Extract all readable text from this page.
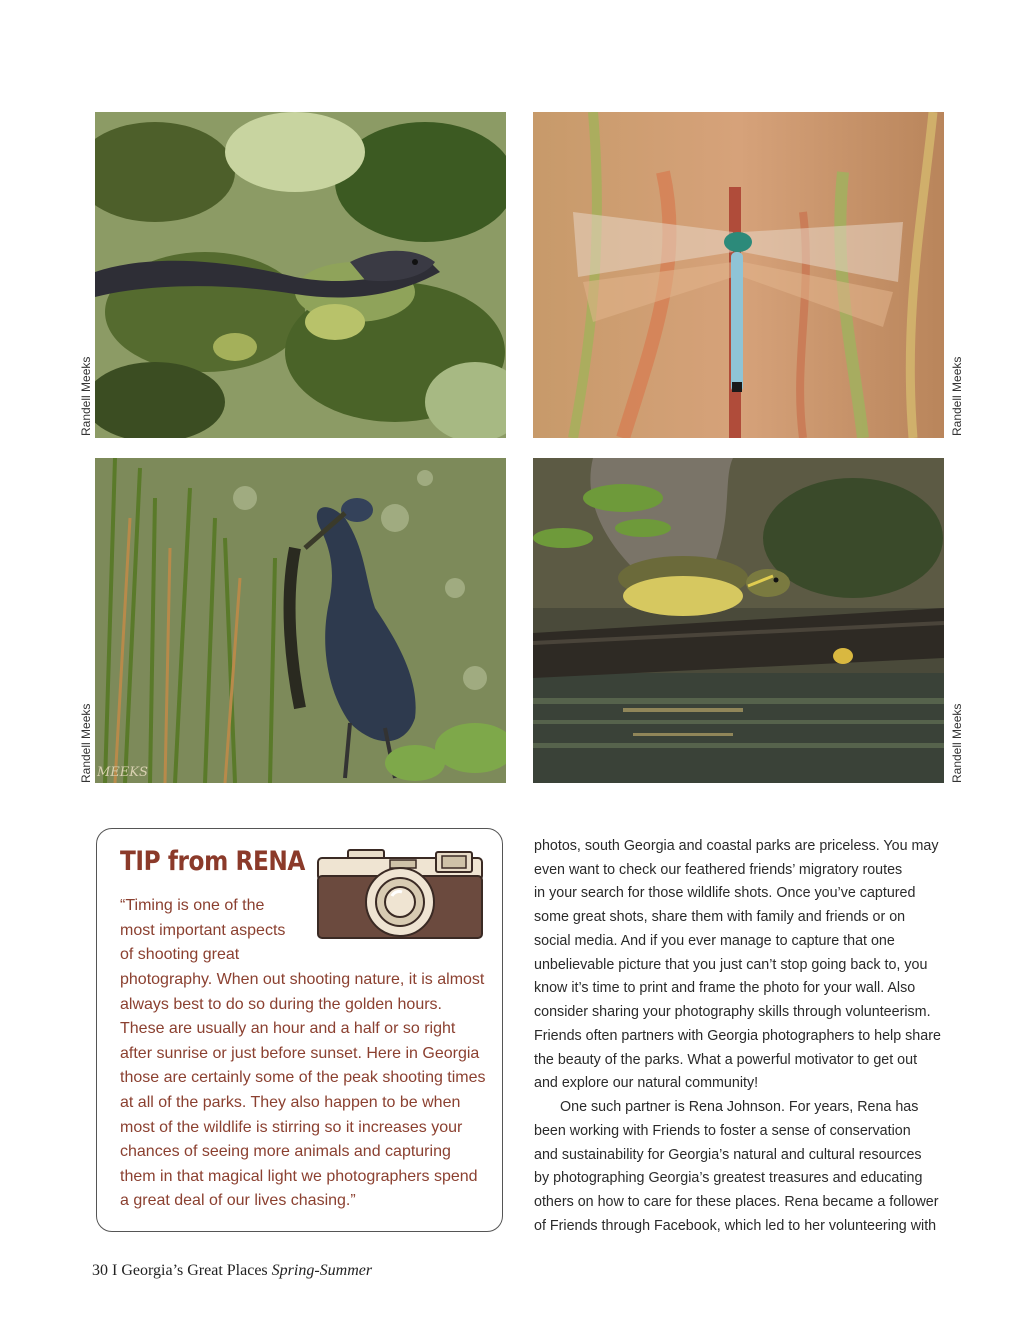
Randell Meeks	Randell Meeks
MEEKS
Randell Meeks	Randell Meeks
TIP from RENA
“Timing is one of the
most important aspects
of shooting great
photography. When out shooting nature, it is almost
always best to do so during the golden hours.
These are usually an hour and a half or so right
after sunrise or just before sunset. Here in Georgia
those are certainly some of the peak shooting times
at all of the parks. They also happen to be when
most of the wildlife is stirring so it increases your
chances of seeing more animals and capturing
them in that magical light we photographers spend
a great deal of our lives chasing.”
photos, south Georgia and coastal parks are priceless. You may
even want to check our feathered friends’ migratory routes
in your search for those wildlife shots. Once you’ve captured
some great shots, share them with family and friends or on
social media. And if you ever manage to capture that one
unbelievable picture that you just can’t stop going back to, you
know it’s time to print and frame the photo for your wall. Also
consider sharing your photography skills through volunteerism.
Friends often partners with Georgia photographers to help share
the beauty of the parks. What a powerful motivator to get out
and explore our natural community!
One such partner is Rena Johnson. For years, Rena has
been working with Friends to foster a sense of conservation
and sustainability for Georgia’s natural and cultural resources
by photographing Georgia’s greatest treasures and educating
others on how to care for these places. Rena became a follower
of Friends through Facebook, which led to her volunteering with
30 I Georgia’s Great Places Spring-Summer
